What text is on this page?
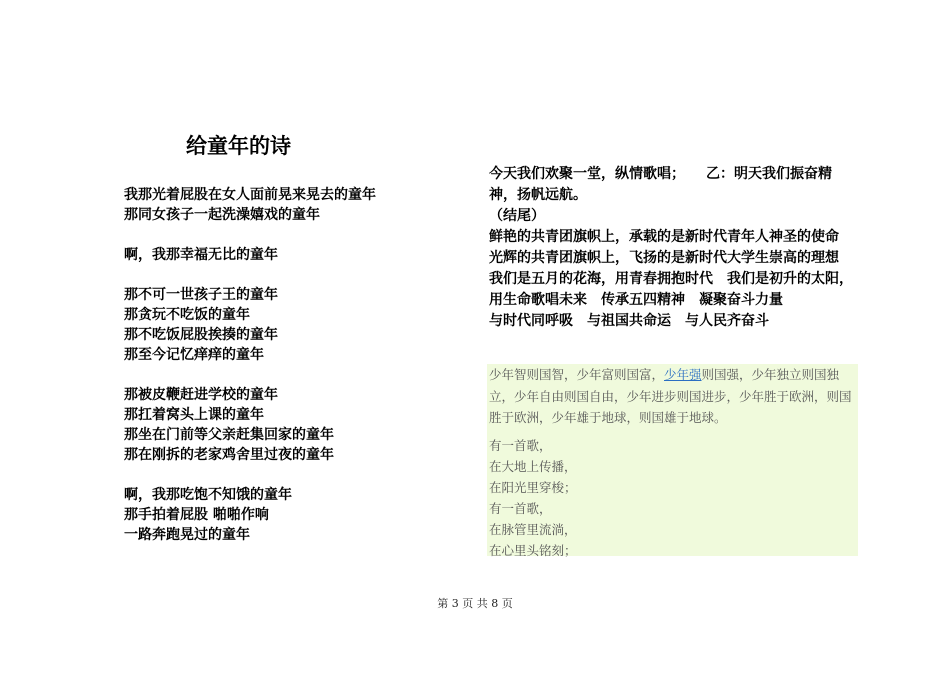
给童年的诗
我那光着屁股在女人面前晃来晃去的童年
那同女孩子一起洗澡嬉戏的童年
啊，我那幸福无比的童年
那不可一世孩子王的童年
那贪玩不吃饭的童年
那不吃饭屁股挨揍的童年
那至今记忆痒痒的童年
那被皮鞭赶进学校的童年
那扛着窝头上课的童年
那坐在门前等父亲赶集回家的童年
那在刚拆的老家鸡舍里过夜的童年
啊，我那吃饱不知饿的童年
那手拍着屁股 啪啪作响
一路奔跑晃过的童年
今天我们欢聚一堂，纵情歌唱；　　乙：明天我们振奋精神，扬帆远航。
（结尾）
鲜艳的共青团旗帜上，承载的是新时代青年人神圣的使命　光辉的共青团旗帜上，飞扬的是新时代大学生崇高的理想　我们是五月的花海，用青春拥抱时代　我们是初升的太阳，用生命歌唱未来　传承五四精神　凝聚奋斗力量
与时代同呼吸　与祖国共命运　与人民齐奋斗
少年智则国智，少年富则国富，少年强则国强，少年独立则国独立，少年自由则国自由，少年进步则国进步，少年胜于欧洲，则国胜于欧洲，少年雄于地球，则国雄于地球。
有一首歌，
在大地上传播，
在阳光里穿梭；
有一首歌，
在脉管里流淌，
在心里头铭刻；
第 3 页 共 8 页
